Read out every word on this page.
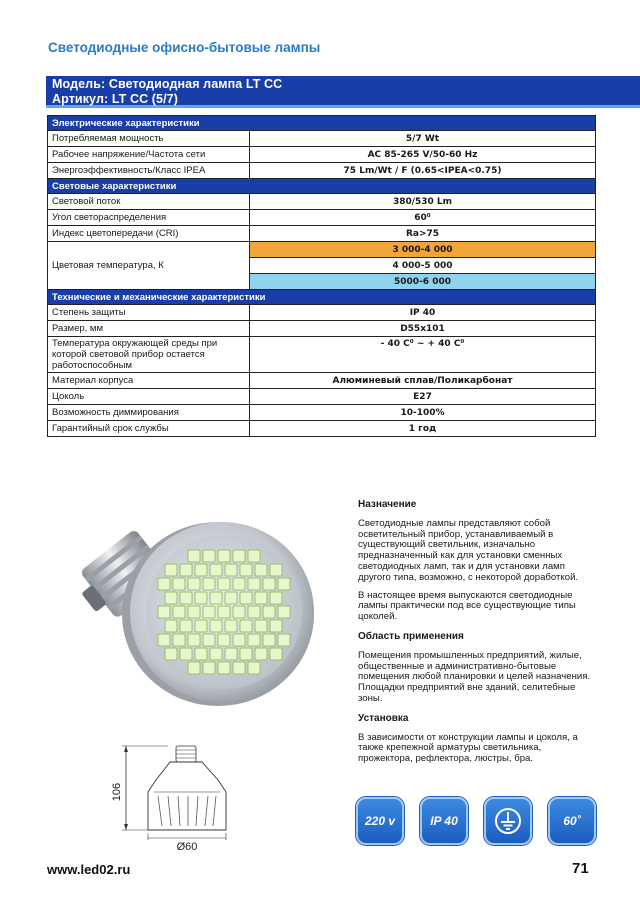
Светодиодные офисно-бытовые лампы
Модель: Светодиодная лампа LT CC
Артикул: LT CC (5/7)
Электрические характеристики	
Потребляемая мощность	5/7 Wt
Рабочее напряжение/Частота сети	AC 85-265 V/50-60 Hz
Энергоэффективность/Класс IPEA	75 Lm/Wt / F (0.65<IPEA<0.75)
Световые характеристики	
Световой поток	380/530 Lm
Угол светораспределения	60⁰
Индекс цветопередачи (CRI)	Ra>75
Цветовая температура, К	3 000-4 000
	4 000-5 000
	5000-6 000
Технические и механические характеристики	
Степень защиты	IP 40
Размер, мм	D55x101
Температура окружающей среды при которой световой прибор остается работоспособным	- 40 С⁰ ~ + 40 С⁰
Материал корпуса	Алюминевый сплав/Поликарбонат
Цоколь	E27
Возможность диммирования	10-100%
Гарантийный срок службы	1 год
106
Ø60
Назначение

Светодиодные лампы представляют собой осветительный прибор, устанавливаемый в существующий светильник, изначально предназначенный как для установки сменных светодиодных ламп, так и для установки ламп другого типа, возможно, с некоторой доработкой.

В настоящее время выпускаются светодиодные лампы практически под все существующие типы цоколей.

Область применения

Помещения промышленных предприятий, жилые, общественные и административно-бытовые помещения любой планировки и целей назначения. Площадки предприятий вне зданий, селитебные зоны.

Установка

В зависимости от конструкции лампы и цоколя, а также крепежной арматуры светильника, прожектора, рефлектора, люстры, бра.

220 v	IP 40	60˚
www.led02.ru	71
